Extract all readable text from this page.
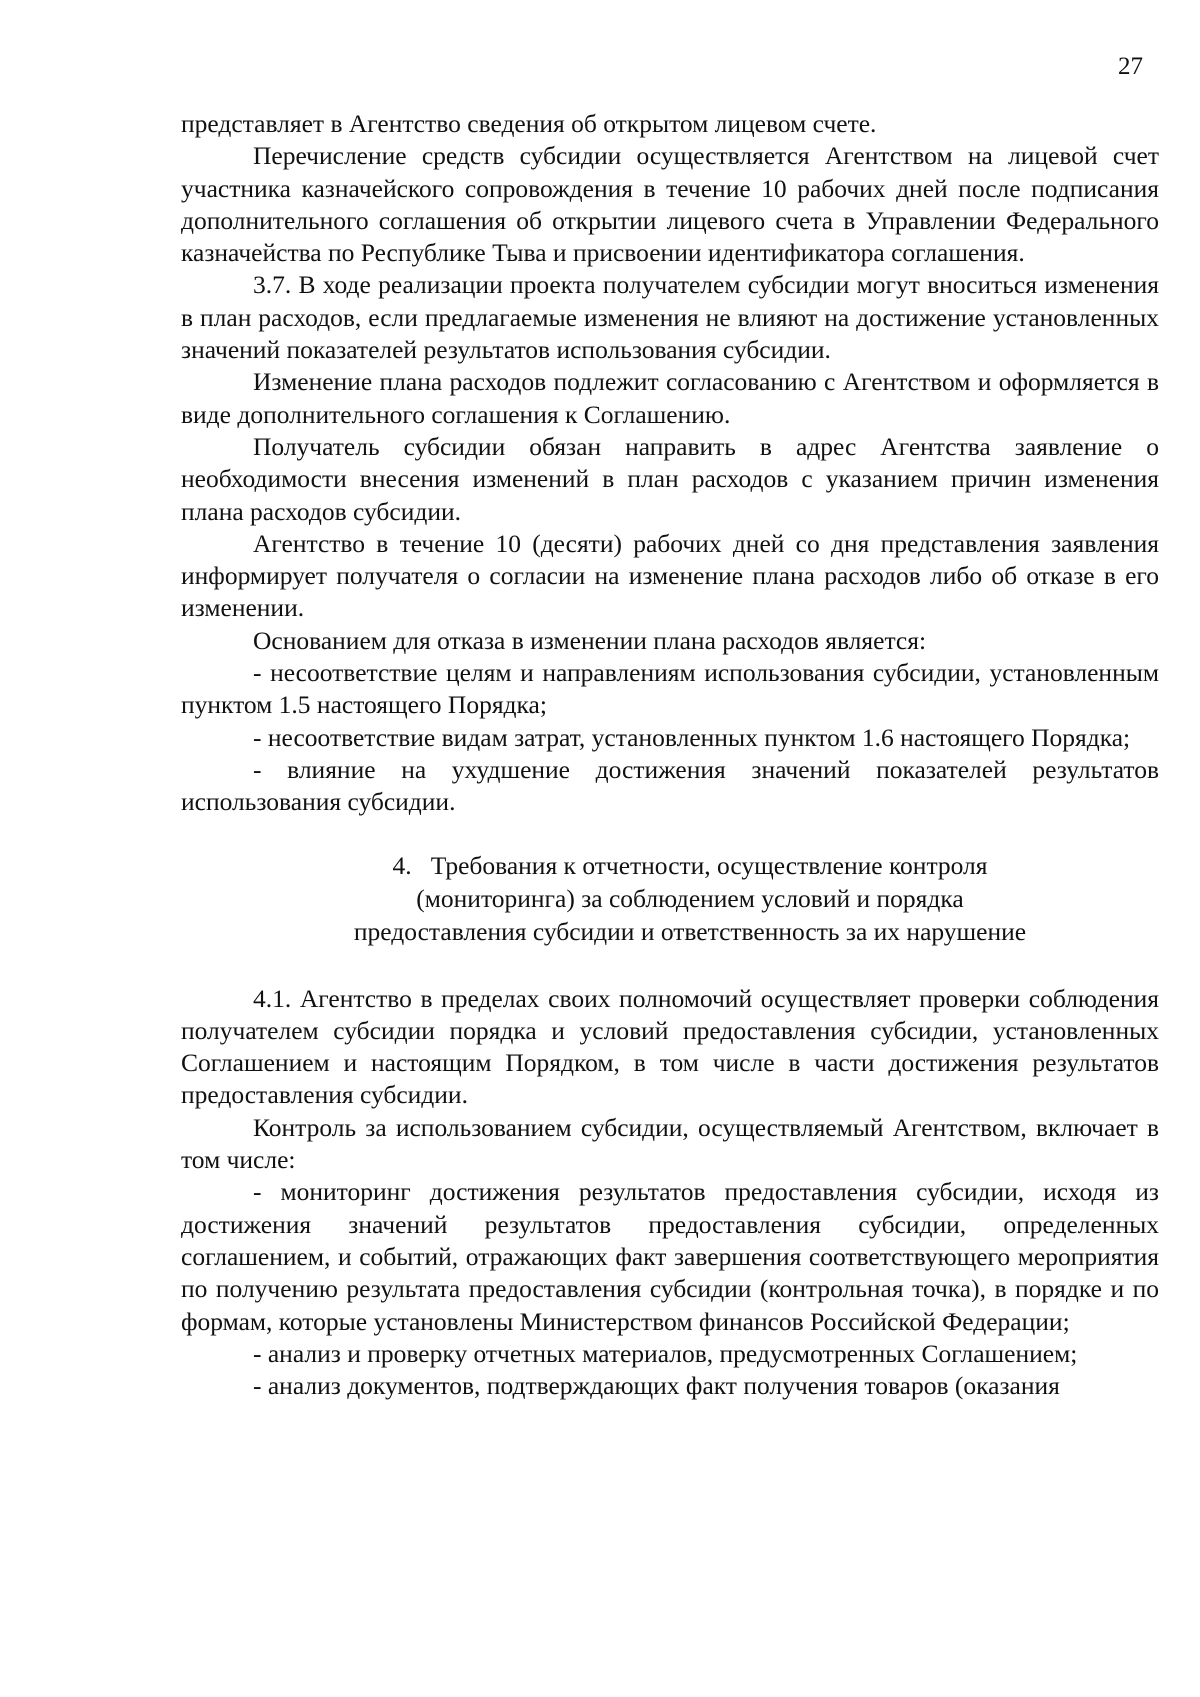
27

представляет в Агентство сведения об открытом лицевом счете.

Перечисление средств субсидии осуществляется Агентством на лицевой счет участника казначейского сопровождения в течение 10 рабочих дней после подписания дополнительного соглашения об открытии лицевого счета в Управлении Федерального казначейства по Республике Тыва и присвоении идентификатора соглашения.

3.7. В ходе реализации проекта получателем субсидии могут вноситься изменения в план расходов, если предлагаемые изменения не влияют на достижение установленных значений показателей результатов использования субсидии.

Изменение плана расходов подлежит согласованию с Агентством и оформляется в виде дополнительного соглашения к Соглашению.

Получатель субсидии обязан направить в адрес Агентства заявление о необходимости внесения изменений в план расходов с указанием причин изменения плана расходов субсидии.

Агентство в течение 10 (десяти) рабочих дней со дня представления заявления информирует получателя о согласии на изменение плана расходов либо об отказе в его изменении.

Основанием для отказа в изменении плана расходов является:

- несоответствие целям и направлениям использования субсидии, установленным пунктом 1.5 настоящего Порядка;

- несоответствие видам затрат, установленных пунктом 1.6 настоящего Порядка;

- влияние на ухудшение достижения значений показателей результатов использования субсидии.

4.   Требования к отчетности, осуществление контроля
(мониторинга) за соблюдением условий и порядка
предоставления субсидии и ответственность за их нарушение

4.1. Агентство в пределах своих полномочий осуществляет проверки соблюдения получателем субсидии порядка и условий предоставления субсидии, установленных Соглашением и настоящим Порядком, в том числе в части достижения результатов предоставления субсидии.

Контроль за использованием субсидии, осуществляемый Агентством, включает в том числе:

- мониторинг достижения результатов предоставления субсидии, исходя из достижения значений результатов предоставления субсидии, определенных соглашением, и событий, отражающих факт завершения соответствующего мероприятия по получению результата предоставления субсидии (контрольная точка), в порядке и по формам, которые установлены Министерством финансов Российской Федерации;

- анализ и проверку отчетных материалов, предусмотренных Соглашением;

- анализ документов, подтверждающих факт получения товаров (оказания
